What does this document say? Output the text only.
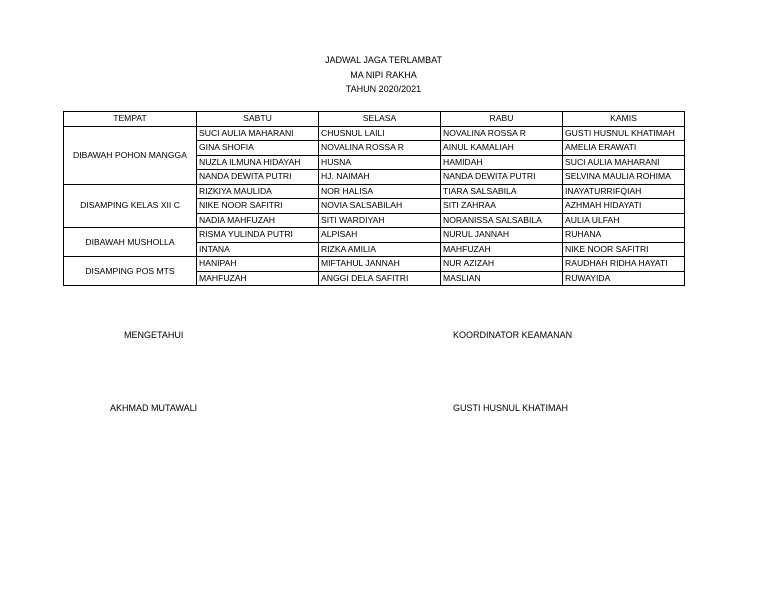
JADWAL JAGA TERLAMBAT
MA NIPI RAKHA
TAHUN 2020/2021
TEMPAT	SABTU	SELASA	RABU	KAMIS
DIBAWAH POHON MANGGA	SUCI AULIA MAHARANI	CHUSNUL LAILI	NOVALINA ROSSA R	GUSTI HUSNUL KHATIMAH
	GINA SHOFIA	NOVALINA ROSSA R	AINUL KAMALIAH	AMELIA ERAWATI
	NUZLA ILMUNA HIDAYAH	HUSNA	HAMIDAH	SUCI AULIA MAHARANI
	NANDA DEWITA PUTRI	HJ. NAIMAH	NANDA DEWITA PUTRI	SELVINA MAULIA ROHIMA
DISAMPING KELAS XII C	RIZKIYA MAULIDA	NOR HALISA	TIARA SALSABILA	INAYATURRIFQIAH
	NIKE NOOR SAFITRI	NOVIA SALSABILAH	SITI ZAHRAA	AZHMAH HIDAYATI
	NADIA MAHFUZAH	SITI WARDIYAH	NORANISSA SALSABILA	AULIA ULFAH
DIBAWAH MUSHOLLA	RISMA YULINDA PUTRI	ALPISAH	NURUL JANNAH	RUHANA
	INTANA	RIZKA AMILIA	MAHFUZAH	NIKE NOOR SAFITRI
DISAMPING POS MTS	HANIPAH	MIFTAHUL JANNAH	NUR AZIZAH	RAUDHAH RIDHA HAYATI
	MAHFUZAH	ANGGI DELA SAFITRI	MASLIAN	RUWAYIDA
MENGETAHUI	KOORDINATOR KEAMANAN
AKHMAD MUTAWALI	GUSTI HUSNUL KHATIMAH
